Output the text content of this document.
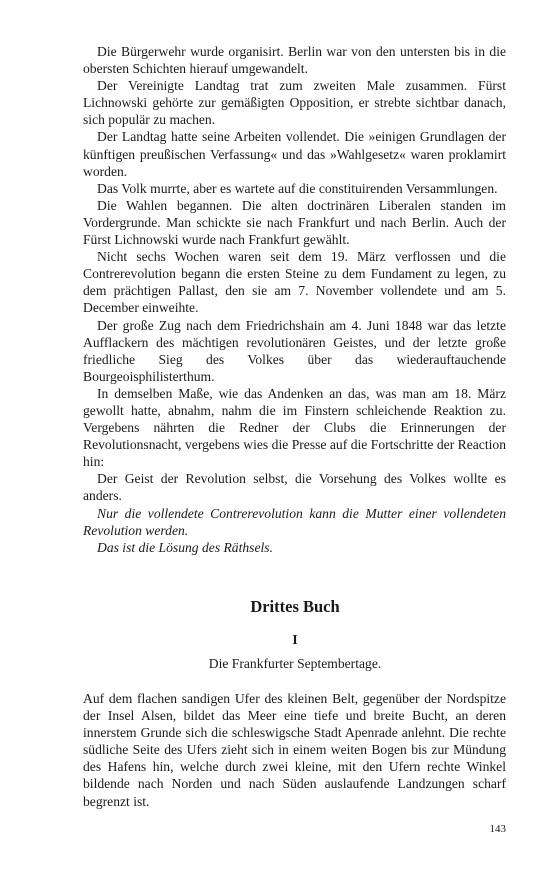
Die Bürgerwehr wurde organisirt. Berlin war von den untersten bis in die obersten Schichten hierauf umgewandelt.

Der Vereinigte Landtag trat zum zweiten Male zusammen. Fürst Lichnowski gehörte zur gemäßigten Opposition, er strebte sichtbar danach, sich populär zu machen.

Der Landtag hatte seine Arbeiten vollendet. Die »einigen Grundlagen der künftigen preußischen Verfassung« und das »Wahlgesetz« waren proklamirt worden.

Das Volk murrte, aber es wartete auf die constituirenden Versammlungen.

Die Wahlen begannen. Die alten doctrinären Liberalen standen im Vordergrunde. Man schickte sie nach Frankfurt und nach Berlin. Auch der Fürst Lichnowski wurde nach Frankfurt gewählt.

Nicht sechs Wochen waren seit dem 19. März verflossen und die Contrerevolution begann die ersten Steine zu dem Fundament zu legen, zu dem prächtigen Pallast, den sie am 7. November vollendete und am 5. December einweihte.

Der große Zug nach dem Friedrichshain am 4. Juni 1848 war das letzte Aufflackern des mächtigen revolutionären Geistes, und der letzte große friedliche Sieg des Volkes über das wiederauftauchende Bourgeoisphilisterthum.

In demselben Maße, wie das Andenken an das, was man am 18. März gewollt hatte, abnahm, nahm die im Finstern schleichende Reaktion zu. Vergebens nährten die Redner der Clubs die Erinnerungen der Revolutionsnacht, vergebens wies die Presse auf die Fortschritte der Reaction hin:

Der Geist der Revolution selbst, die Vorsehung des Volkes wollte es anders.

Nur die vollendete Contrerevolution kann die Mutter einer vollendeten Revolution werden.

Das ist die Lösung des Räthsels.

Drittes Buch
I
Die Frankfurter Septembertage.

Auf dem flachen sandigen Ufer des kleinen Belt, gegenüber der Nordspitze der Insel Alsen, bildet das Meer eine tiefe und breite Bucht, an deren innerstem Grunde sich die schleswigsche Stadt Apenrade anlehnt. Die rechte südliche Seite des Ufers zieht sich in einem weiten Bogen bis zur Mündung des Hafens hin, welche durch zwei kleine, mit den Ufern rechte Winkel bildende nach Norden und nach Süden auslaufende Landzungen scharf begrenzt ist.

143
